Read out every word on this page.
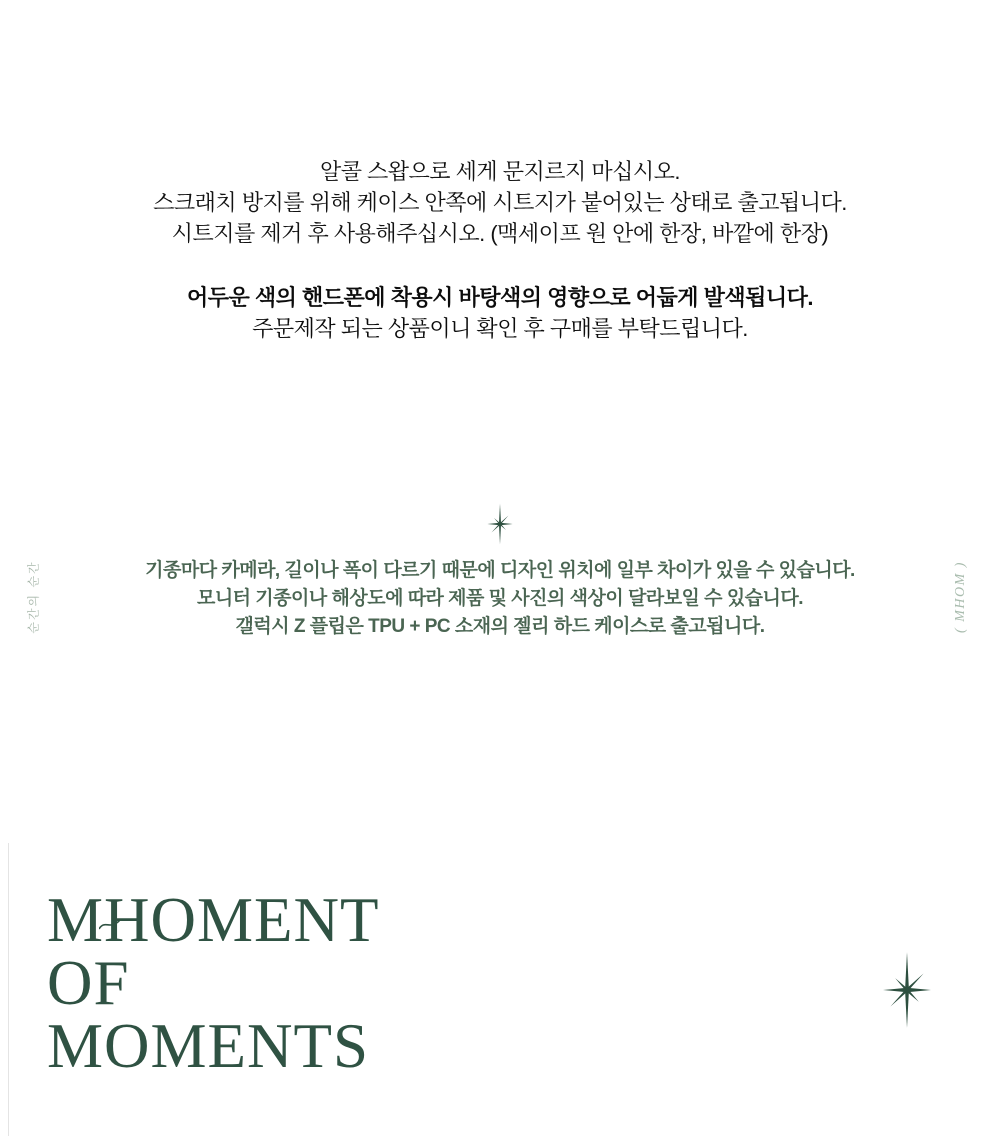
알콜 스왑으로 세게 문지르지 마십시오.
스크래치 방지를 위해 케이스 안쪽에 시트지가 붙어있는 상태로 출고됩니다.
시트지를 제거 후 사용해주십시오. (맥세이프 원 안에 한장, 바깥에 한장)
어두운 색의 핸드폰에 착용시 바탕색의 영향으로 어둡게 발색됩니다.
주문제작 되는 상품이니 확인 후 구매를 부탁드립니다.
기종마다 카메라, 길이나 폭이 다르기 때문에 디자인 위치에 일부 차이가 있을 수 있습니다.
모니터 기종이나 해상도에 따라 제품 및 사진의 색상이 달라보일 수 있습니다.
갤럭시 Z 플립은 TPU + PC 소재의 젤리 하드 케이스로 출고됩니다.
순간의 순간	( MHOM )
MHOMENT
OF
MOMENTS
